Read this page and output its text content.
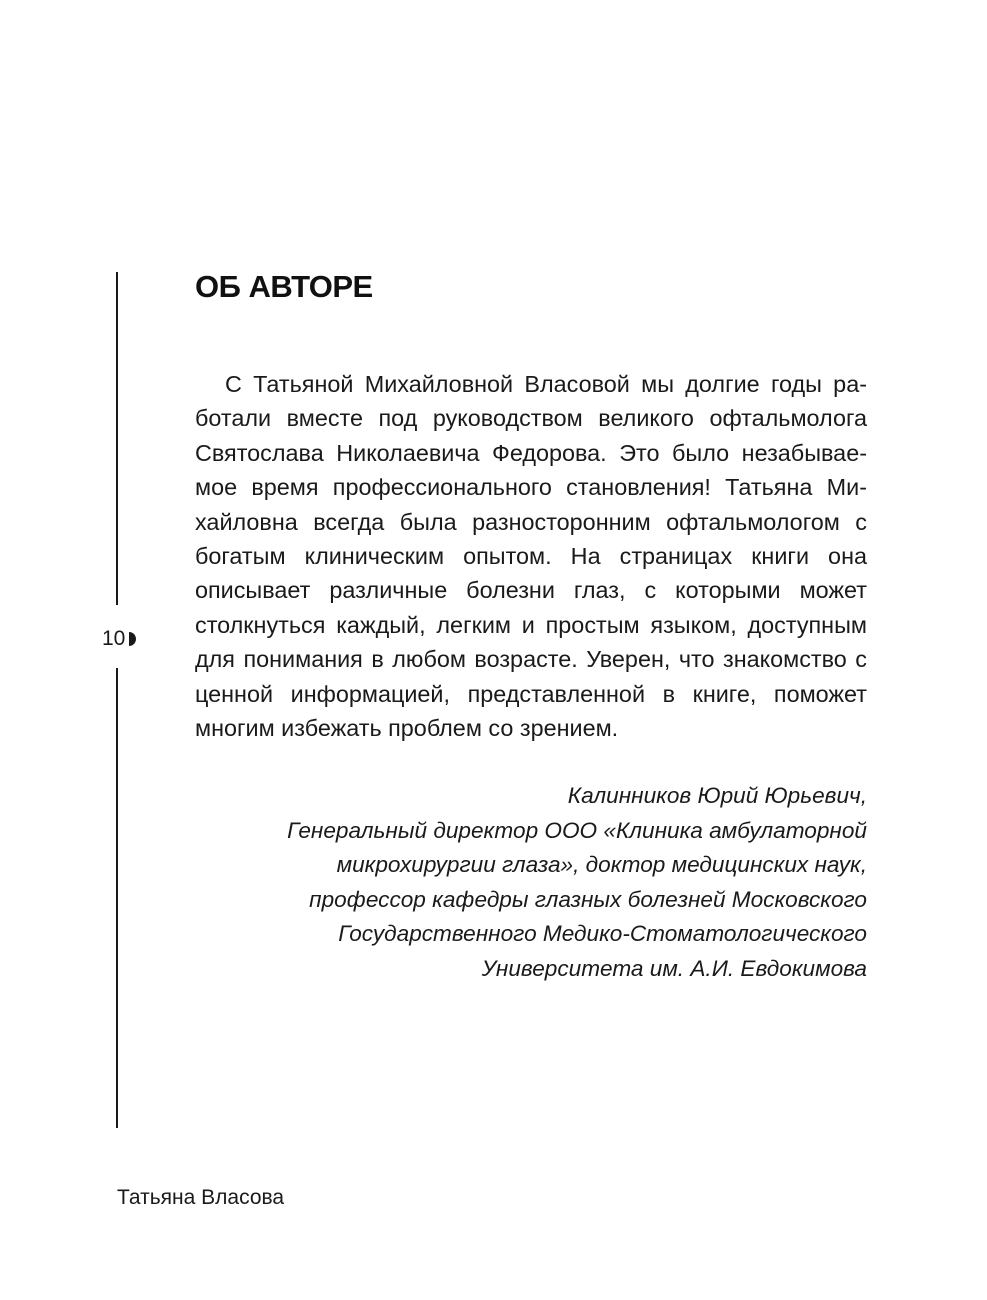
10
ОБ АВТОРЕ

С Татьяной Михайловной Власовой мы долгие годы работали вместе под руководством великого офтальмолога Святослава Николаевича Федорова. Это было незабываемое время профессионального становления! Татьяна Михайловна всегда была разносторонним офтальмологом с богатым клиническим опытом. На страницах книги она описывает различные болезни глаз, с которыми может столкнуться каждый, легким и простым языком, доступным для понимания в любом возрасте. Уверен, что знакомство с ценной информацией, представленной в книге, поможет многим избежать проблем со зрением.

Калинников Юрий Юрьевич,
Генеральный директор ООО «Клиника амбулаторной
микрохирургии глаза», доктор медицинских наук,
профессор кафедры глазных болезней Московского
Государственного Медико-Стоматологического
Университета им. А.И. Евдокимова
Татьяна Власова
